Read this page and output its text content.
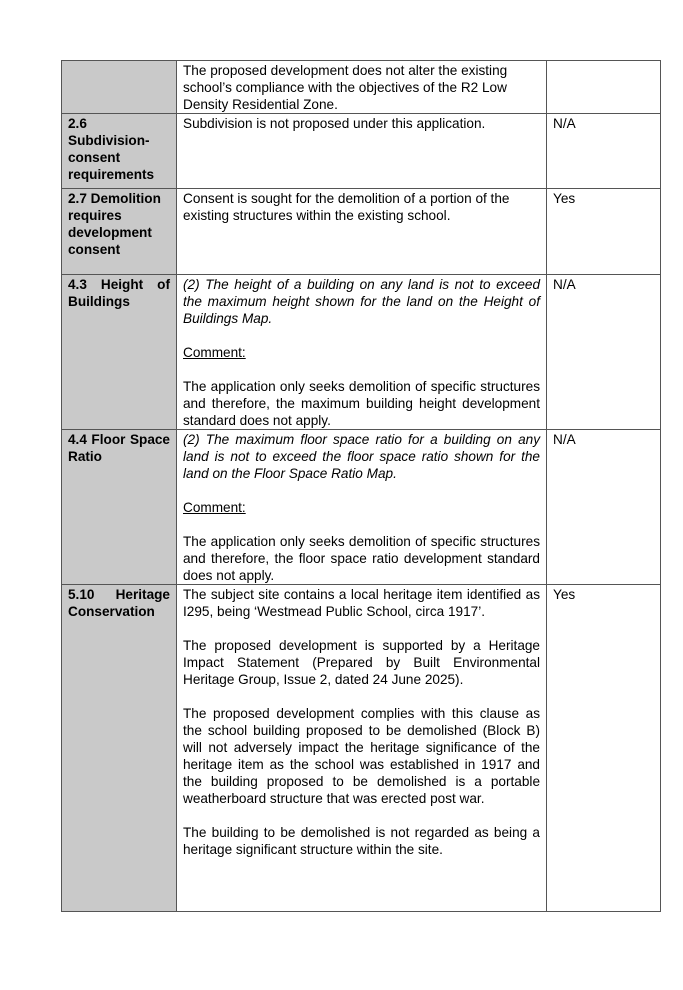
	The proposed development does not alter the existing school’s compliance with the objectives of the R2 Low Density Residential Zone.	

2.6 Subdivision-consent requirements	Subdivision is not proposed under this application.	N/A
2.7 Demolition requires development consent	Consent is sought for the demolition of a portion of the existing structures within the existing school.	Yes
4.3 Height of Buildings	(2) The height of a building on any land is not to exceed the maximum height shown for the land on the Height of Buildings Map.

Comment:

The application only seeks demolition of specific structures and therefore, the maximum building height development standard does not apply.	N/A
4.4 Floor Space Ratio	(2) The maximum floor space ratio for a building on any land is not to exceed the floor space ratio shown for the land on the Floor Space Ratio Map.

Comment:

The application only seeks demolition of specific structures and therefore, the floor space ratio development standard does not apply.	N/A
5.10 Heritage Conservation	The subject site contains a local heritage item identified as I295, being ‘Westmead Public School, circa 1917’.

The proposed development is supported by a Heritage Impact Statement (Prepared by Built Environmental Heritage Group, Issue 2, dated 24 June 2025).

The proposed development complies with this clause as the school building proposed to be demolished (Block B) will not adversely impact the heritage significance of the heritage item as the school was established in 1917 and the building proposed to be demolished is a portable weatherboard structure that was erected post war.

The building to be demolished is not regarded as being a heritage significant structure within the site.	Yes
